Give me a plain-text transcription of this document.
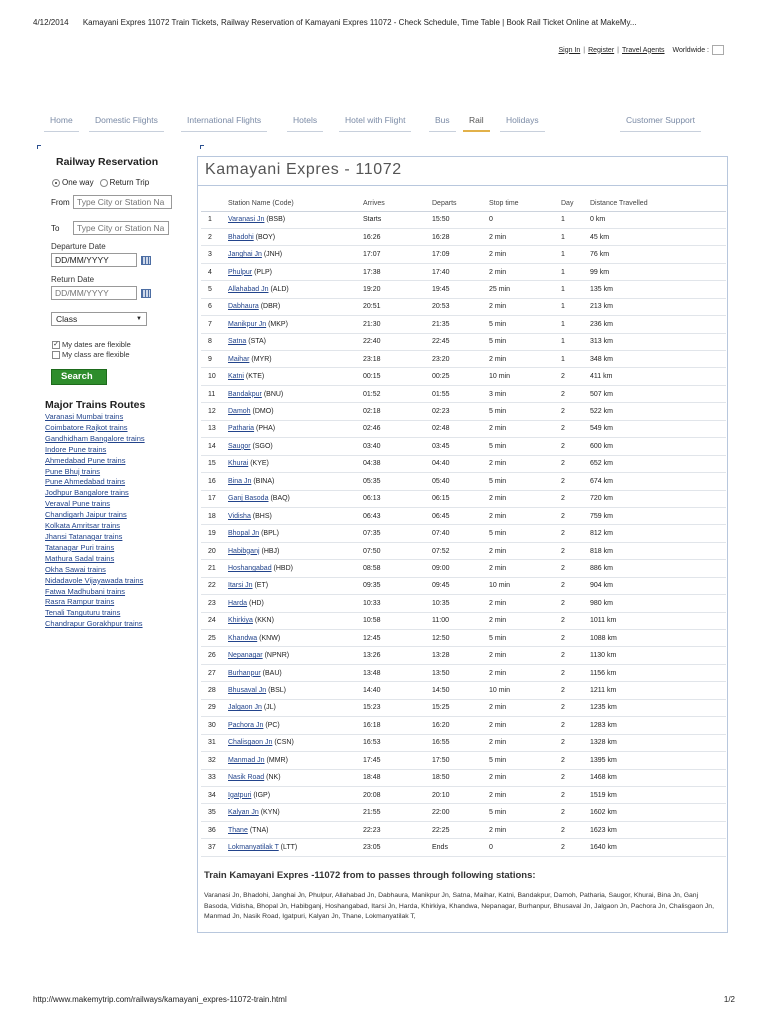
4/12/2014 Kamayani Expres 11072 Train Tickets, Railway Reservation of Kamayani Expres 11072 - Check Schedule, Time Table | Book Rail Ticket Online at MakeMy...
Sign In | Register | Travel Agents Worldwide :
Home	Domestic Flights	International Flights	Hotels	Hotel with Flight	Bus	Rail	Holidays	Customer Support
Railway Reservation
One way Return Trip
From
Type City or Station Na
To
Type City or Station Na
Departure Date
DD/MM/YYYY
Return Date
DD/MM/YYYY
Class	▼
✓ My dates are flexible
My class are flexible
Search
Major Trains Routes
Varanasi Mumbai trains
Coimbatore Rajkot trains
Gandhidham Bangalore trains
Indore Pune trains
Ahmedabad Pune trains
Pune Bhuj trains
Pune Ahmedabad trains
Jodhpur Bangalore trains
Veraval Pune trains
Chandigarh Jaipur trains
Kolkata Amritsar trains
Jhansi Tatanagar trains
Tatanagar Puri trains
Mathura Sadal trains
Okha Sawai trains
Nidadavole Vijayawada trains
Fatwa Madhubani trains
Rasra Rampur trains
Tenali Tanguturu trains
Chandrapur Gorakhpur trains
Kamayani Expres - 11072
	Station Name (Code)	Arrives	Departs	Stop time	Day	Distance Travelled
1	Varanasi Jn (BSB)	Starts	15:50	0	1	0 km
2	Bhadohi (BOY)	16:26	16:28	2 min	1	45 km
3	Janghai Jn (JNH)	17:07	17:09	2 min	1	76 km
4	Phulpur (PLP)	17:38	17:40	2 min	1	99 km
5	Allahabad Jn (ALD)	19:20	19:45	25 min	1	135 km
6	Dabhaura (DBR)	20:51	20:53	2 min	1	213 km
7	Manikpur Jn (MKP)	21:30	21:35	5 min	1	236 km
8	Satna (STA)	22:40	22:45	5 min	1	313 km
9	Maihar (MYR)	23:18	23:20	2 min	1	348 km
10	Katni (KTE)	00:15	00:25	10 min	2	411 km
11	Bandakpur (BNU)	01:52	01:55	3 min	2	507 km
12	Damoh (DMO)	02:18	02:23	5 min	2	522 km
13	Patharia (PHA)	02:46	02:48	2 min	2	549 km
14	Saugor (SGO)	03:40	03:45	5 min	2	600 km
15	Khurai (KYE)	04:38	04:40	2 min	2	652 km
16	Bina Jn (BINA)	05:35	05:40	5 min	2	674 km
17	Ganj Basoda (BAQ)	06:13	06:15	2 min	2	720 km
18	Vidisha (BHS)	06:43	06:45	2 min	2	759 km
19	Bhopal Jn (BPL)	07:35	07:40	5 min	2	812 km
20	Habibganj (HBJ)	07:50	07:52	2 min	2	818 km
21	Hoshangabad (HBD)	08:58	09:00	2 min	2	886 km
22	Itarsi Jn (ET)	09:35	09:45	10 min	2	904 km
23	Harda (HD)	10:33	10:35	2 min	2	980 km
24	Khirkiya (KKN)	10:58	11:00	2 min	2	1011 km
25	Khandwa (KNW)	12:45	12:50	5 min	2	1088 km
26	Nepanagar (NPNR)	13:26	13:28	2 min	2	1130 km
27	Burhanpur (BAU)	13:48	13:50	2 min	2	1156 km
28	Bhusaval Jn (BSL)	14:40	14:50	10 min	2	1211 km
29	Jalgaon Jn (JL)	15:23	15:25	2 min	2	1235 km
30	Pachora Jn (PC)	16:18	16:20	2 min	2	1283 km
31	Chalisgaon Jn (CSN)	16:53	16:55	2 min	2	1328 km
32	Manmad Jn (MMR)	17:45	17:50	5 min	2	1395 km
33	Nasik Road (NK)	18:48	18:50	2 min	2	1468 km
34	Igatpuri (IGP)	20:08	20:10	2 min	2	1519 km
35	Kalyan Jn (KYN)	21:55	22:00	5 min	2	1602 km
36	Thane (TNA)	22:23	22:25	2 min	2	1623 km
37	Lokmanyatilak T (LTT)	23:05	Ends	0	2	1640 km
Train Kamayani Expres -11072 from to passes through following stations:
Varanasi Jn, Bhadohi, Janghai Jn, Phulpur, Allahabad Jn, Dabhaura, Manikpur Jn, Satna, Maihar, Katni, Bandakpur, Damoh, Patharia, Saugor, Khurai, Bina Jn, Ganj Basoda, Vidisha, Bhopal Jn, Habibganj, Hoshangabad, Itarsi Jn, Harda, Khirkiya, Khandwa, Nepanagar, Burhanpur, Bhusaval Jn, Jalgaon Jn, Pachora Jn, Chalisgaon Jn, Manmad Jn, Nasik Road, Igatpuri, Kalyan Jn, Thane, Lokmanyatilak T,
http://www.makemytrip.com/railways/kamayani_expres-11072-train.html	1/2
